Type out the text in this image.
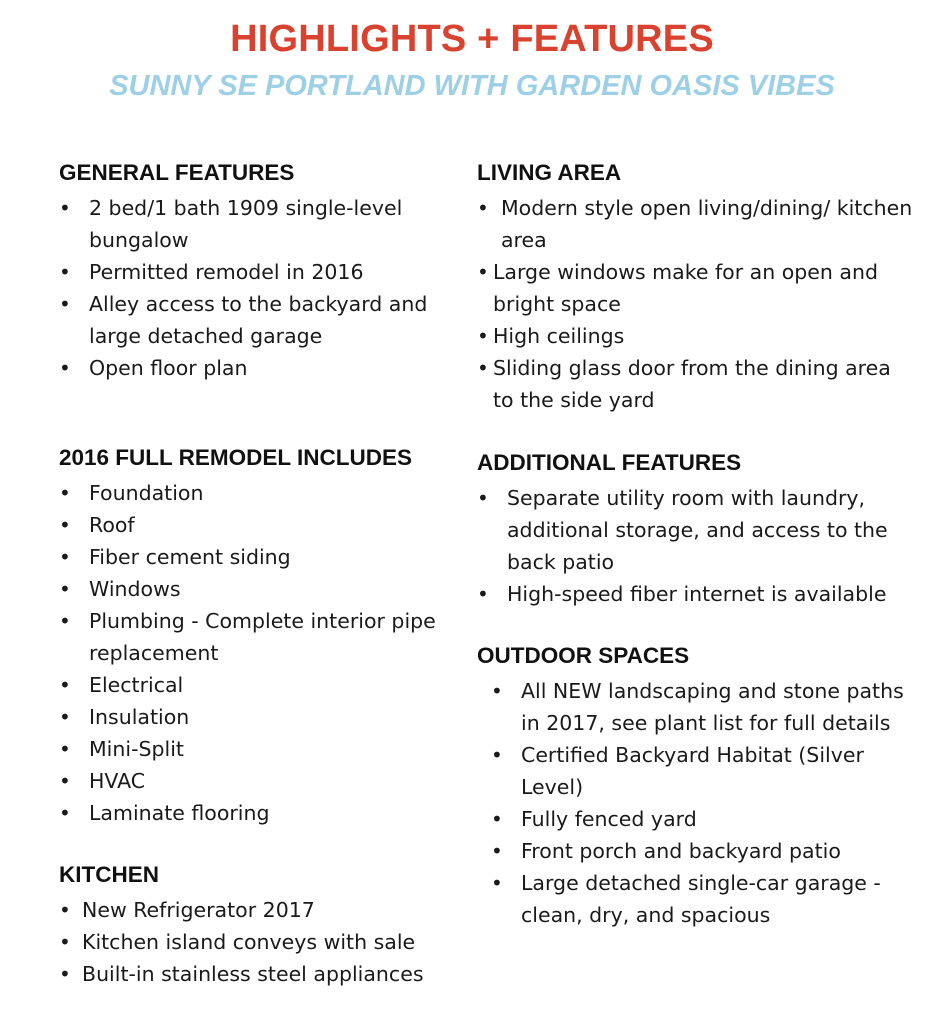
HIGHLIGHTS + FEATURES
SUNNY SE PORTLAND WITH GARDEN OASIS VIBES
GENERAL FEATURES
• 2 bed/1 bath 1909 single-level bungalow
• Permitted remodel in 2016
• Alley access to the backyard and large detached garage
• Open floor plan
2016 FULL REMODEL INCLUDES
• Foundation
• Roof
• Fiber cement siding
• Windows
• Plumbing - Complete interior pipe replacement
• Electrical
• Insulation
• Mini-Split
• HVAC
• Laminate flooring
KITCHEN
• New Refrigerator 2017
• Kitchen island conveys with sale
• Built-in stainless steel appliances
LIVING AREA
• Modern style open living/dining/ kitchen area
• Large windows make for an open and bright space
• High ceilings
• Sliding glass door from the dining area to the side yard
ADDITIONAL FEATURES
• Separate utility room with laundry, additional storage, and access to the back patio
• High-speed fiber internet is available
OUTDOOR SPACES
• All NEW landscaping and stone paths in 2017, see plant list for full details
• Certified Backyard Habitat (Silver Level)
• Fully fenced yard
• Front porch and backyard patio
• Large detached single-car garage - clean, dry, and spacious
